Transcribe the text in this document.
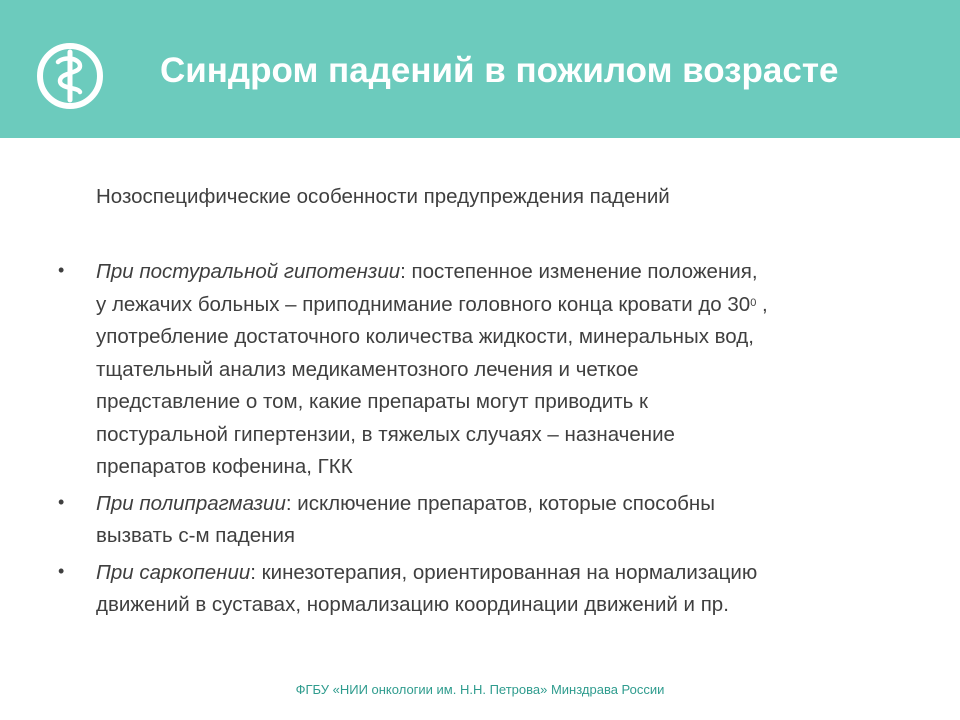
Синдром падений в пожилом возрасте
Нозоспецифические особенности предупреждения падений
• При постуральной гипотензии: постепенное изменение положения,
у лежачих больных – приподнимание головного конца кровати до $30^0$ ,
употребление достаточного количества жидкости, минеральных вод,
тщательный анализ медикаментозного лечения и четкое
представление о том, какие препараты могут приводить к
постуральной гипертензии, в тяжелых случаях – назначение
препаратов кофенина, ГКК
• При полипрагмазии: исключение препаратов, которые способны
вызвать с-м падения
• При саркопении: кинезотерапия, ориентированная на нормализацию
движений в суставах, нормализацию координации движений и пр.
ФГБУ «НИИ онкологии им. Н.Н. Петрова» Минздрава России
